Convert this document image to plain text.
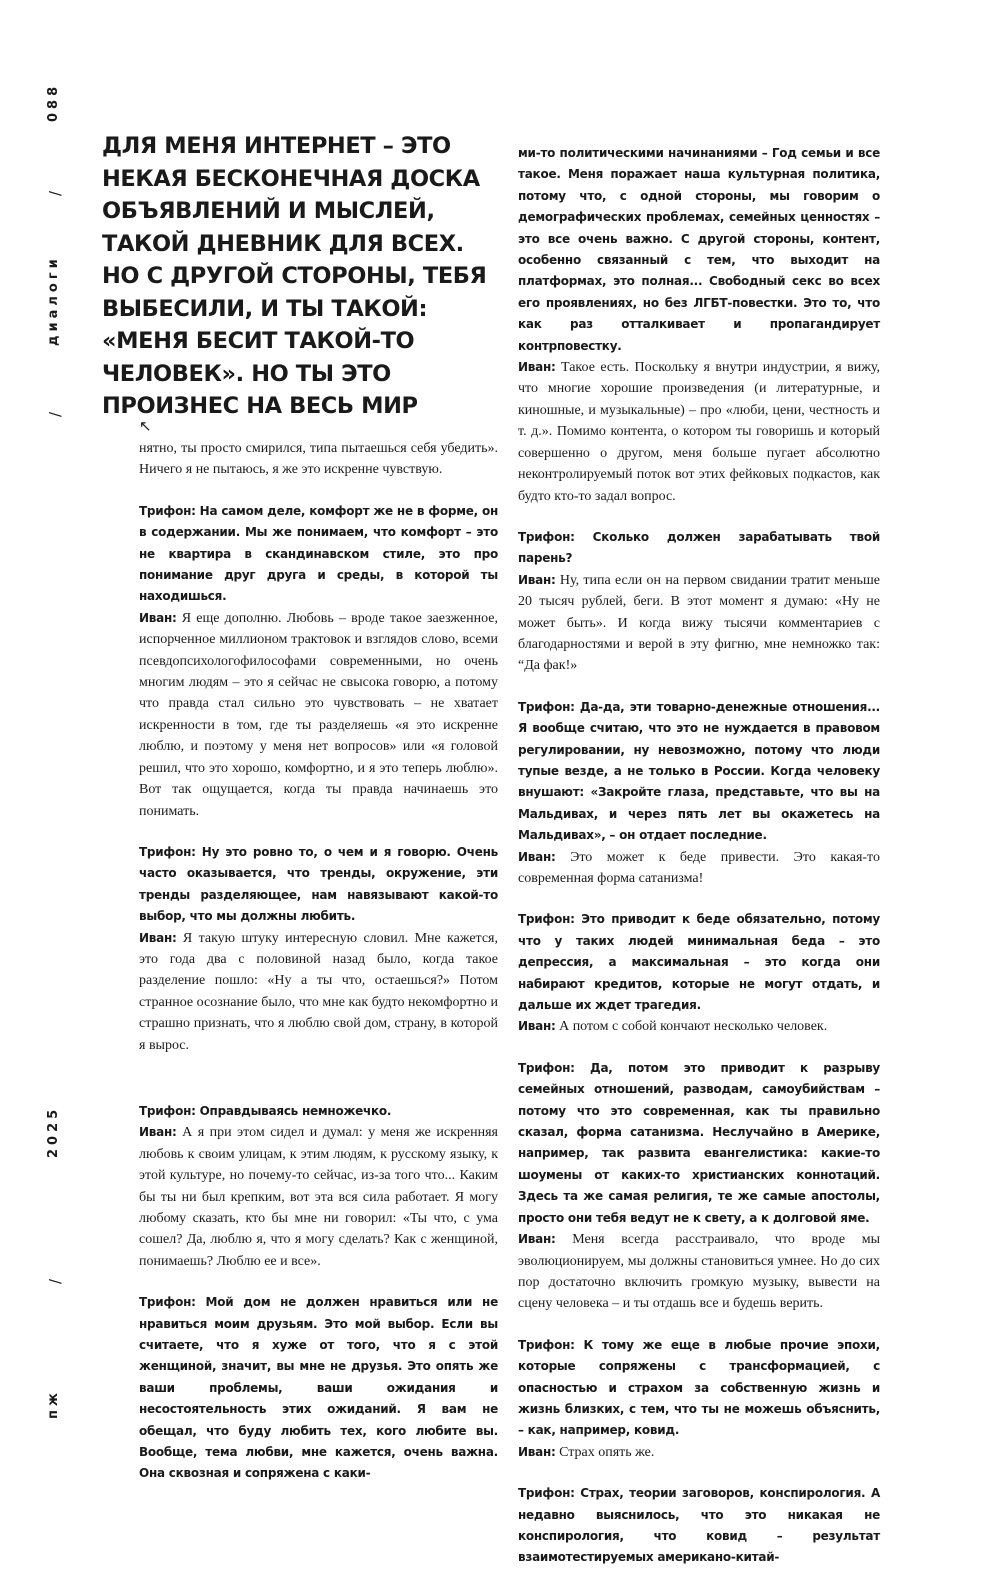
088
/
диалоги
/
2025
/
пж
ДЛЯ МЕНЯ ИНТЕРНЕТ – ЭТО НЕКАЯ БЕСКОНЕЧНАЯ ДОСКА ОБЪЯВЛЕНИЙ И МЫСЛЕЙ, ТАКОЙ ДНЕВНИК ДЛЯ ВСЕХ. НО С ДРУГОЙ СТОРОНЫ, ТЕБЯ ВЫБЕСИЛИ, И ТЫ ТАКОЙ: «МЕНЯ БЕСИТ ТАКОЙ-ТО ЧЕЛОВЕК». НО ТЫ ЭТО ПРОИЗНЕС НА ВЕСЬ МИР
↖

нятно, ты просто смирился, типа пытаешься себя убедить». Ничего я не пытаюсь, я же это искренне чувствую.

Трифон: На самом деле, комфорт же не в форме, он в содержании. Мы же понимаем, что комфорт – это не квартира в скандинавском стиле, это про понимание друг друга и среды, в которой ты находишься.

Иван: Я еще дополню. Любовь – вроде такое заезженное, испорченное миллионом трактовок и взглядов слово, всеми псевдопсихологофилософами современными, но очень многим людям – это я сейчас не свысока говорю, а потому что правда стал сильно это чувствовать – не хватает искренности в том, где ты разделяешь «я это искренне люблю, и поэтому у меня нет вопросов» или «я головой решил, что это хорошо, комфортно, и я это теперь люблю». Вот так ощущается, когда ты правда начинаешь это понимать.

Трифон: Ну это ровно то, о чем и я говорю. Очень часто оказывается, что тренды, окружение, эти тренды разделяющее, нам навязывают какой-то выбор, что мы должны любить.

Иван: Я такую штуку интересную словил. Мне кажется, это года два с половиной назад было, когда такое разделение пошло: «Ну а ты что, остаешься?» Потом странное осознание было, что мне как будто некомфортно и страшно признать, что я люблю свой дом, страну, в которой я вырос.

Трифон: Оправдываясь немножечко.

Иван: А я при этом сидел и думал: у меня же искренняя любовь к своим улицам, к этим людям, к русскому языку, к этой культуре, но почему-то сейчас, из-за того что... Каким бы ты ни был крепким, вот эта вся сила работает. Я могу любому сказать, кто бы мне ни говорил: «Ты что, с ума сошел? Да, люблю я, что я могу сделать? Как с женщиной, понимаешь? Люблю ее и все».

Трифон: Мой дом не должен нравиться или не нравиться моим друзьям. Это мой выбор. Если вы считаете, что я хуже от того, что я с этой женщиной, значит, вы мне не друзья. Это опять же ваши проблемы, ваши ожидания и несостоятельность этих ожиданий. Я вам не обещал, что буду любить тех, кого любите вы. Вообще, тема любви, мне кажется, очень важна. Она сквозная и сопряжена с каки-

ми-то политическими начинаниями – Год семьи и все такое. Меня поражает наша культурная политика, потому что, с одной стороны, мы говорим о демографических проблемах, семейных ценностях – это все очень важно. С другой стороны, контент, особенно связанный с тем, что выходит на платформах, это полная... Свободный секс во всех его проявлениях, но без ЛГБТ-повестки. Это то, что как раз отталкивает и пропагандирует контрповестку.

Иван: Такое есть. Поскольку я внутри индустрии, я вижу, что многие хорошие произведения (и литературные, и киношные, и музыкальные) – про «люби, цени, честность и т. д.». Помимо контента, о котором ты говоришь и который совершенно о другом, меня больше пугает абсолютно неконтролируемый поток вот этих фейковых подкастов, как будто кто-то задал вопрос.

Трифон: Сколько должен зарабатывать твой парень?

Иван: Ну, типа если он на первом свидании тратит меньше 20 тысяч рублей, беги. В этот момент я думаю: «Ну не может быть». И когда вижу тысячи комментариев с благодарностями и верой в эту фигню, мне немножко так: “Да фак!»

Трифон: Да-да, эти товарно-денежные отношения... Я вообще считаю, что это не нуждается в правовом регулировании, ну невозможно, потому что люди тупые везде, а не только в России. Когда человеку внушают: «Закройте глаза, представьте, что вы на Мальдивах, и через пять лет вы окажетесь на Мальдивах», – он отдает последние.

Иван: Это может к беде привести. Это какая-то современная форма сатанизма!

Трифон: Это приводит к беде обязательно, потому что у таких людей минимальная беда – это депрессия, а максимальная – это когда они набирают кредитов, которые не могут отдать, и дальше их ждет трагедия.

Иван: А потом с собой кончают несколько человек.

Трифон: Да, потом это приводит к разрыву семейных отношений, разводам, самоубийствам – потому что это современная, как ты правильно сказал, форма сатанизма. Неслучайно в Америке, например, так развита евангелистика: какие-то шоумены от каких-то христианских коннотаций. Здесь та же самая религия, те же самые апостолы, просто они тебя ведут не к свету, а к долговой яме.

Иван: Меня всегда расстраивало, что вроде мы эволюционируем, мы должны становиться умнее. Но до сих пор достаточно включить громкую музыку, вывести на сцену человека – и ты отдашь все и будешь верить.

Трифон: К тому же еще в любые прочие эпохи, которые сопряжены с трансформацией, с опасностью и страхом за собственную жизнь и жизнь близких, с тем, что ты не можешь объяснить, – как, например, ковид.

Иван: Страх опять же.

Трифон: Страх, теории заговоров, конспирология. А недавно выяснилось, что это никакая не конспирология, что ковид – результат взаимотестируемых американо-китай-
